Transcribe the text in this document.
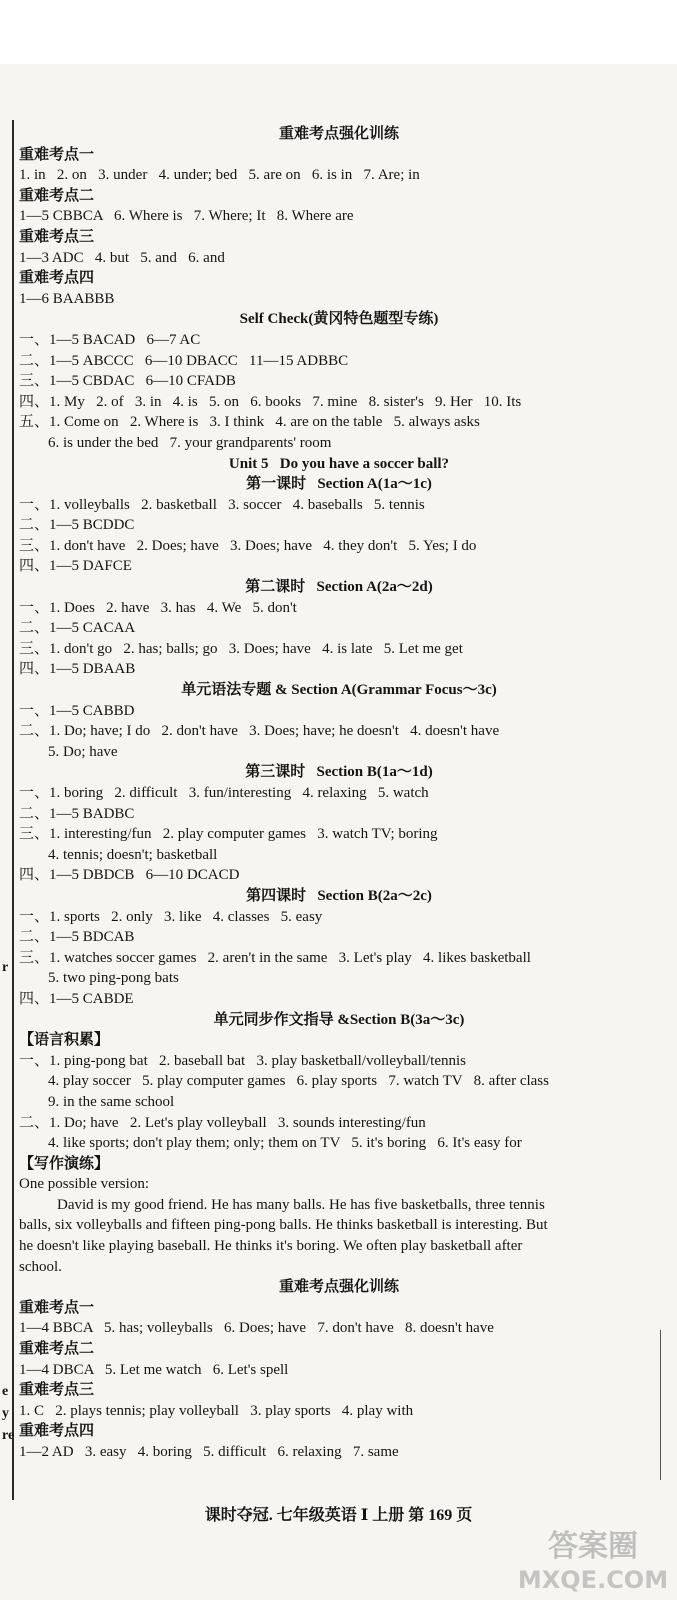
r
e
y
re
重难考点强化训练
重难考点一
1. in   2. on   3. under   4. under; bed   5. are on   6. is in   7. Are; in
重难考点二
1—5 CBBCA   6. Where is   7. Where; It   8. Where are
重难考点三
1—3 ADC   4. but   5. and   6. and
重难考点四
1—6 BAABBB
Self Check(黄冈特色题型专练)
一、1—5 BACAD   6—7 AC
二、1—5 ABCCC   6—10 DBACC   11—15 ADBBC
三、1—5 CBDAC   6—10 CFADB
四、1. My   2. of   3. in   4. is   5. on   6. books   7. mine   8. sister's   9. Her   10. Its
五、1. Come on   2. Where is   3. I think   4. are on the table   5. always asks
6. is under the bed   7. your grandparents' room
Unit 5   Do you have a soccer ball?
第一课时   Section A(1a～1c)
一、1. volleyballs   2. basketball   3. soccer   4. baseballs   5. tennis
二、1—5 BCDDC
三、1. don't have   2. Does; have   3. Does; have   4. they don't   5. Yes; I do
四、1—5 DAFCE
第二课时   Section A(2a～2d)
一、1. Does   2. have   3. has   4. We   5. don't
二、1—5 CACAA
三、1. don't go   2. has; balls; go   3. Does; have   4. is late   5. Let me get
四、1—5 DBAAB
单元语法专题 & Section A(Grammar Focus～3c)
一、1—5 CABBD
二、1. Do; have; I do   2. don't have   3. Does; have; he doesn't   4. doesn't have
5. Do; have
第三课时   Section B(1a～1d)
一、1. boring   2. difficult   3. fun/interesting   4. relaxing   5. watch
二、1—5 BADBC
三、1. interesting/fun   2. play computer games   3. watch TV; boring
4. tennis; doesn't; basketball
四、1—5 DBDCB   6—10 DCACD
第四课时   Section B(2a～2c)
一、1. sports   2. only   3. like   4. classes   5. easy
二、1—5 BDCAB
三、1. watches soccer games   2. aren't in the same   3. Let's play   4. likes basketball
5. two ping-pong bats
四、1—5 CABDE
单元同步作文指导 &Section B(3a～3c)
【语言积累】
一、1. ping-pong bat   2. baseball bat   3. play basketball/volleyball/tennis
4. play soccer   5. play computer games   6. play sports   7. watch TV   8. after class
9. in the same school
二、1. Do; have   2. Let's play volleyball   3. sounds interesting/fun
4. like sports; don't play them; only; them on TV   5. it's boring   6. It's easy for
【写作演练】
One possible version:
David is my good friend. He has many balls. He has five basketballs, three tennis
balls, six volleyballs and fifteen ping-pong balls. He thinks basketball is interesting. But
he doesn't like playing baseball. He thinks it's boring. We often play basketball after
school.
重难考点强化训练
重难考点一
1—4 BBCA   5. has; volleyballs   6. Does; have   7. don't have   8. doesn't have
重难考点二
1—4 DBCA   5. Let me watch   6. Let's spell
重难考点三
1. C   2. plays tennis; play volleyball   3. play sports   4. play with
重难考点四
1—2 AD   3. easy   4. boring   5. difficult   6. relaxing   7. same
课时夺冠. 七年级英语 Ⅰ 上册 第 169 页
答案圈
MXQE.COM
